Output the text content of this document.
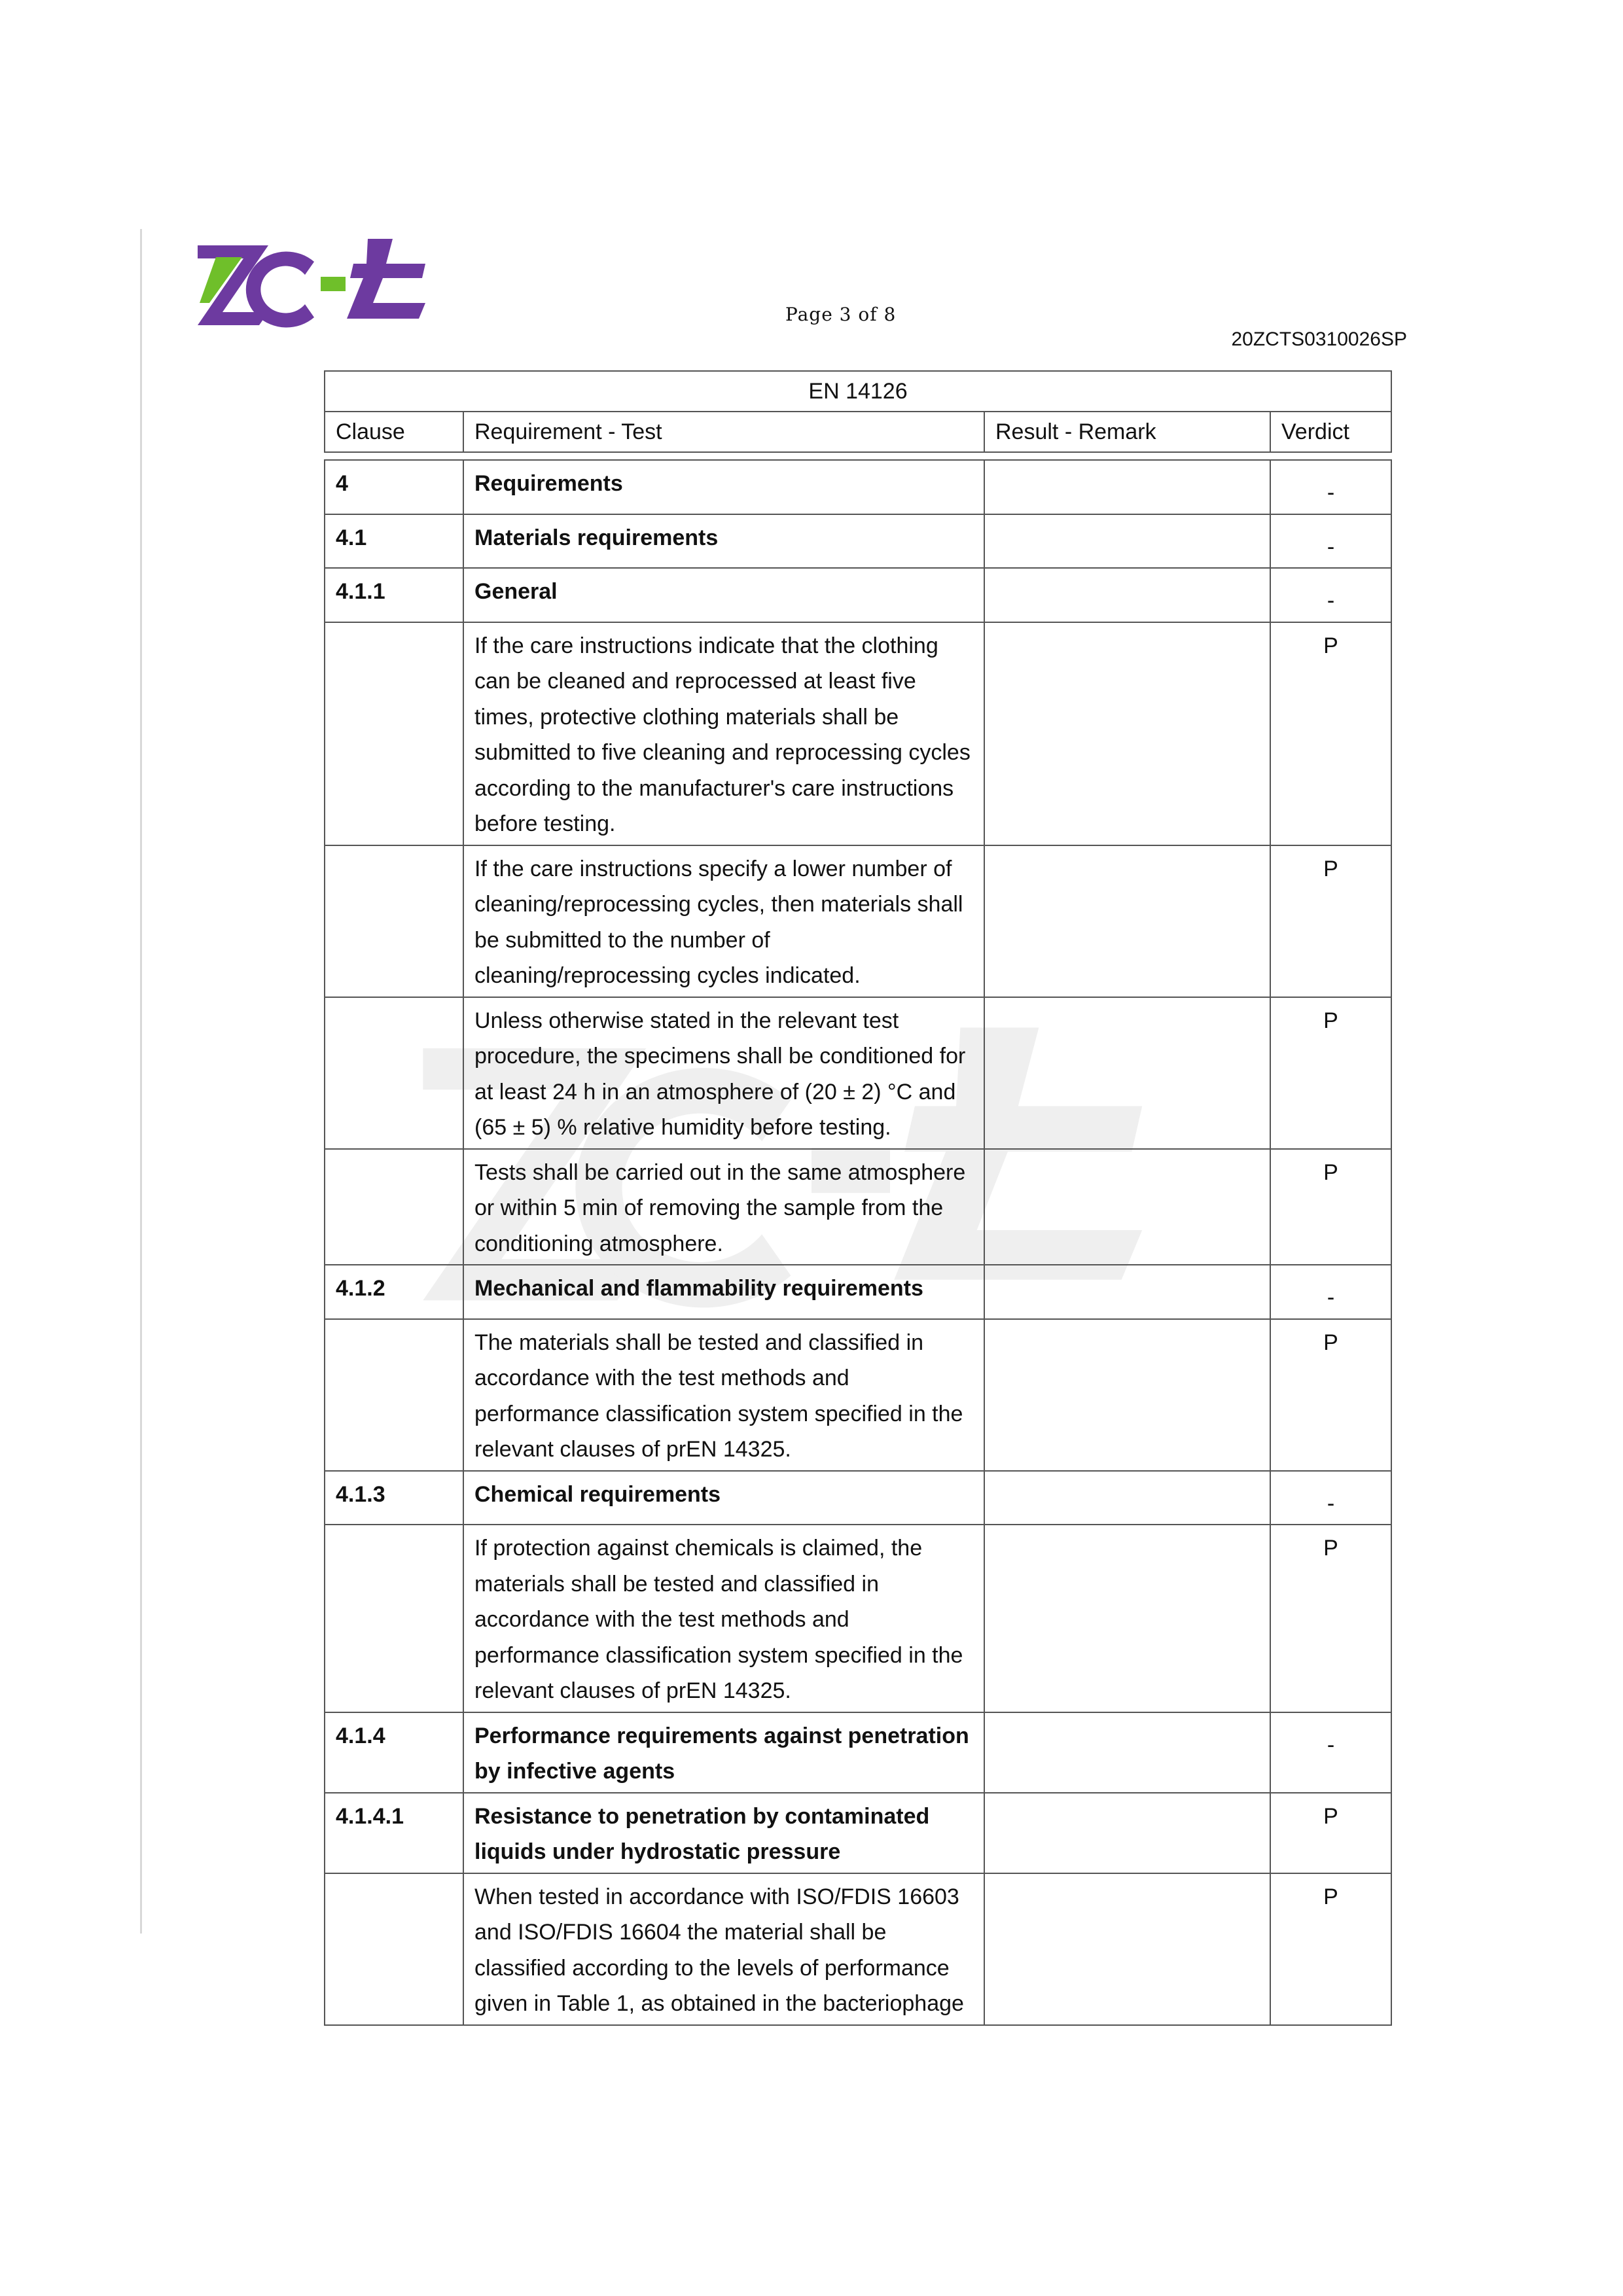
Page 3 of 8
20ZCTS0310026SP
EN 14126
Clause	Requirement - Test	Result - Remark	Verdict
4	Requirements		-
4.1	Materials requirements		-
4.1.1	General		-
	If the care instructions indicate that the clothing can be cleaned and reprocessed at least five times, protective clothing materials shall be submitted to five cleaning and reprocessing cycles according to the manufacturer's care instructions before testing.		P
	If the care instructions specify a lower number of cleaning/reprocessing cycles, then materials shall be submitted to the number of cleaning/reprocessing cycles indicated.		P
	Unless otherwise stated in the relevant test procedure, the specimens shall be conditioned for at least 24 h in an atmosphere of (20 ± 2) °C and (65 ± 5) % relative humidity before testing.		P
	Tests shall be carried out in the same atmosphere or within 5 min of removing the sample from the conditioning atmosphere.		P
4.1.2	Mechanical and flammability requirements		-
	The materials shall be tested and classified in accordance with the test methods and performance classification system specified in the relevant clauses of prEN 14325.		P
4.1.3	Chemical requirements		-
	If protection against chemicals is claimed, the materials shall be tested and classified in accordance with the test methods and performance classification system specified in the relevant clauses of prEN 14325.		P
4.1.4	Performance requirements against penetration by infective agents		-
4.1.4.1	Resistance to penetration by contaminated liquids under hydrostatic pressure		P
	When tested in accordance with ISO/FDIS 16603 and ISO/FDIS 16604 the material shall be classified according to the levels of performance given in Table 1, as obtained in the bacteriophage		P
